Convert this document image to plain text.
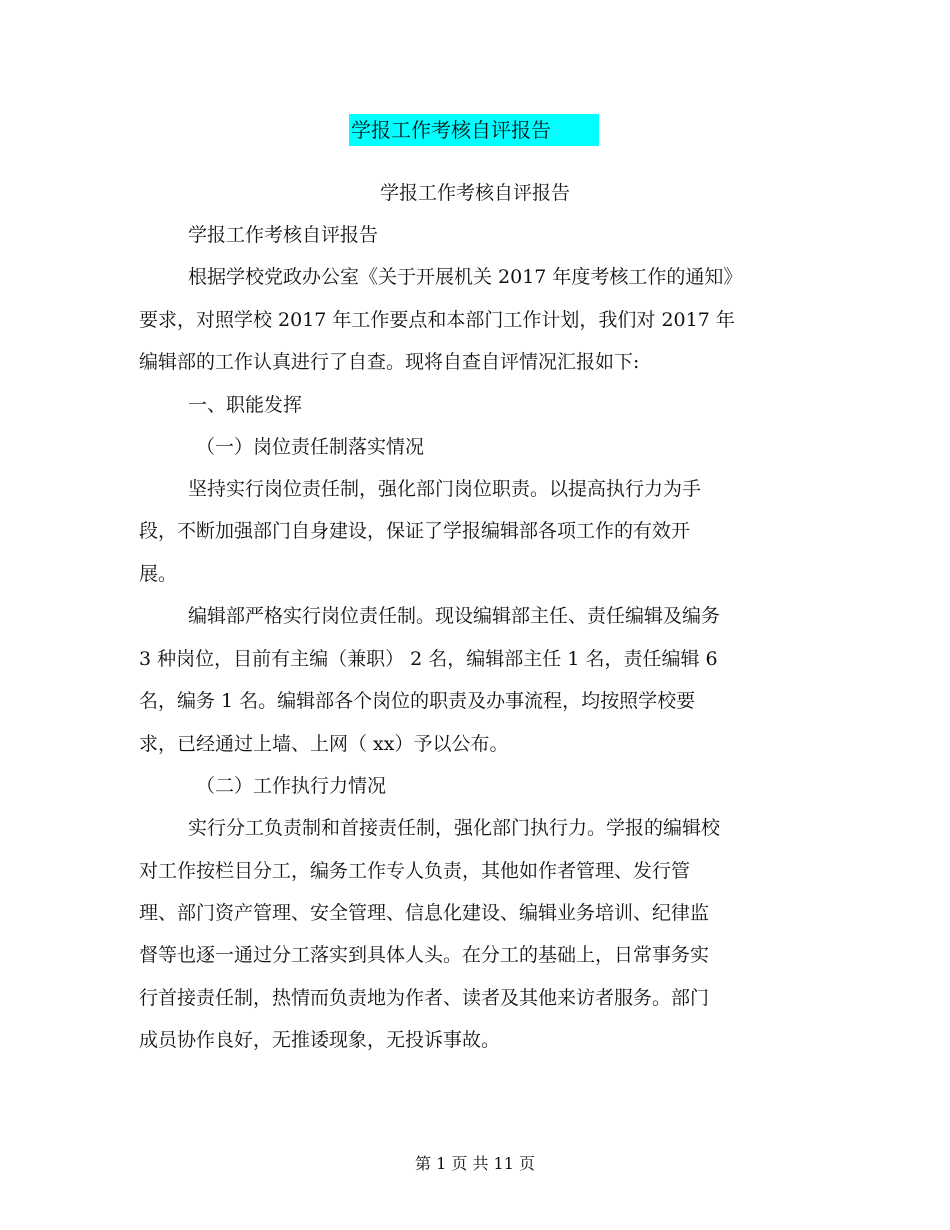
学报工作考核自评报告
学报工作考核自评报告
学报工作考核自评报告
根据学校党政办公室《关于开展机关 2017 年度考核工作的通知》
要求，对照学校 2017 年工作要点和本部门工作计划，我们对 2017 年
编辑部的工作认真进行了自查。现将自查自评情况汇报如下:
一、职能发挥
（一）岗位责任制落实情况
坚持实行岗位责任制，强化部门岗位职责。以提高执行力为手
段，不断加强部门自身建设，保证了学报编辑部各项工作的有效开
展。
编辑部严格实行岗位责任制。现设编辑部主任、责任编辑及编务
3 种岗位，目前有主编（兼职） 2 名，编辑部主任 1 名，责任编辑 6
名，编务 1 名。编辑部各个岗位的职责及办事流程，均按照学校要
求，已经通过上墙、上网（ xx）予以公布。
（二）工作执行力情况
实行分工负责制和首接责任制，强化部门执行力。学报的编辑校
对工作按栏目分工，编务工作专人负责，其他如作者管理、发行管
理、部门资产管理、安全管理、信息化建设、编辑业务培训、纪律监
督等也逐一通过分工落实到具体人头。在分工的基础上，日常事务实
行首接责任制，热情而负责地为作者、读者及其他来访者服务。部门
成员协作良好，无推诿现象，无投诉事故。
第 1 页 共 11 页
